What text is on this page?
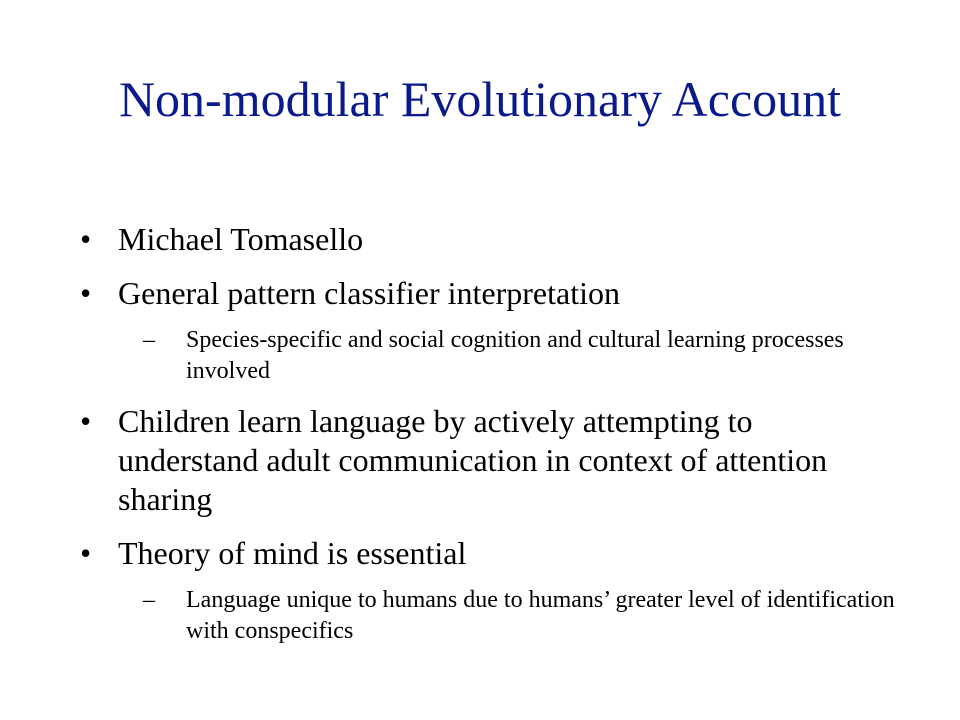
Non-modular Evolutionary Account
• Michael Tomasello
• General pattern classifier interpretation
– Species-specific and social cognition and cultural learning processes involved
• Children learn language by actively attempting to understand adult communication in context of attention sharing
• Theory of mind is essential
– Language unique to humans due to humans’ greater level of identification with conspecifics
